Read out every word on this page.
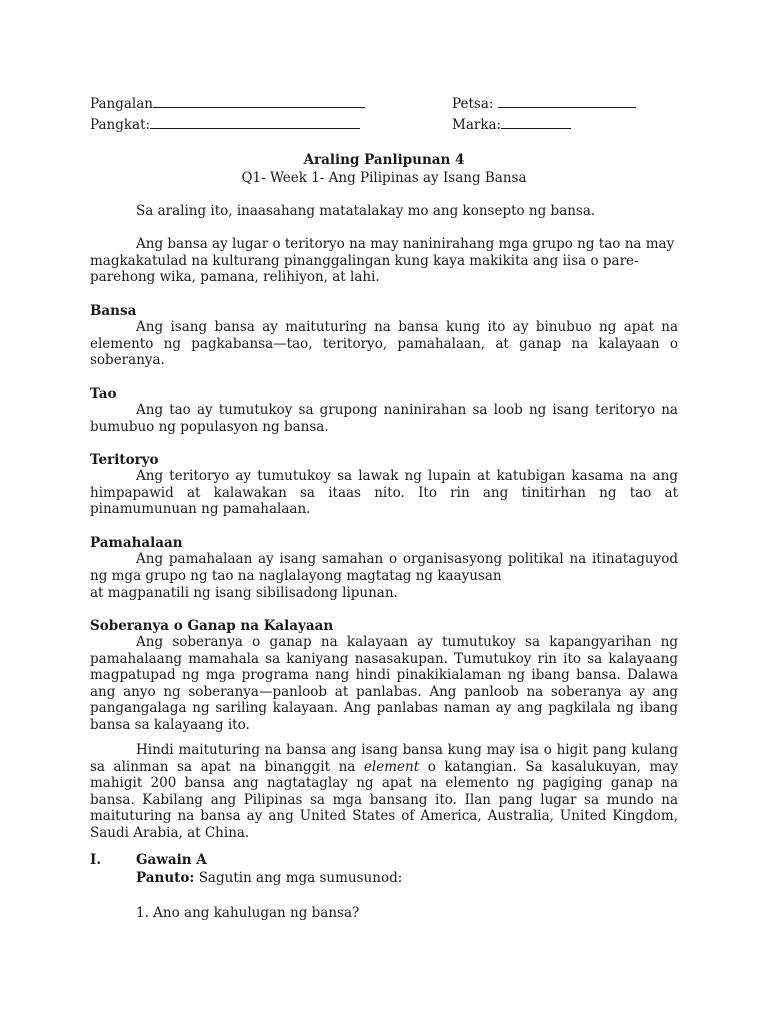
Pangalan	Petsa:
Pangkat:	Marka:
Araling Panlipunan 4
Q1- Week 1- Ang Pilipinas ay Isang Bansa
Sa araling ito, inaasahang matatalakay mo ang konsepto ng bansa.
Ang bansa ay lugar o teritoryo na may naninirahang mga grupo ng tao na may magkakatulad na kulturang pinanggalingan kung kaya makikita ang iisa o pare-parehong wika, pamana, relihiyon, at lahi.
Bansa
Ang isang bansa ay maituturing na bansa kung ito ay binubuo ng apat na elemento ng pagkabansa—tao, teritoryo, pamahalaan, at ganap na kalayaan o soberanya.
Tao
Ang tao ay tumutukoy sa grupong naninirahan sa loob ng isang teritoryo na bumubuo ng populasyon ng bansa.
Teritoryo
Ang teritoryo ay tumutukoy sa lawak ng lupain at katubigan kasama na ang himpapawid at kalawakan sa itaas nito. Ito rin ang tinitirhan ng tao at pinamumunuan ng pamahalaan.
Pamahalaan
Ang pamahalaan ay isang samahan o organisasyong politikal na itinataguyod ng mga grupo ng tao na naglalayong magtatag ng kaayusan
at magpanatili ng isang sibilisadong lipunan.
Soberanya o Ganap na Kalayaan
Ang soberanya o ganap na kalayaan ay tumutukoy sa kapangyarihan ng pamahalaang mamahala sa kaniyang nasasakupan. Tumutukoy rin ito sa kalayaang magpatupad ng mga programa nang hindi pinakikialaman ng ibang bansa. Dalawa ang anyo ng soberanya—panloob at panlabas. Ang panloob na soberanya ay ang pangangalaga ng sariling kalayaan. Ang panlabas naman ay ang pagkilala ng ibang bansa sa kalayaang ito.
Hindi maituturing na bansa ang isang bansa kung may isa o higit pang kulang sa alinman sa apat na binanggit na element o katangian. Sa kasalukuyan, may mahigit 200 bansa ang nagtataglay ng apat na elemento ng pagiging ganap na bansa. Kabilang ang Pilipinas sa mga bansang ito. Ilan pang lugar sa mundo na maituturing na bansa ay ang United States of America, Australia, United Kingdom, Saudi Arabia, at China.
I.	Gawain A
Panuto: Sagutin ang mga sumusunod:
1. Ano ang kahulugan ng bansa?
